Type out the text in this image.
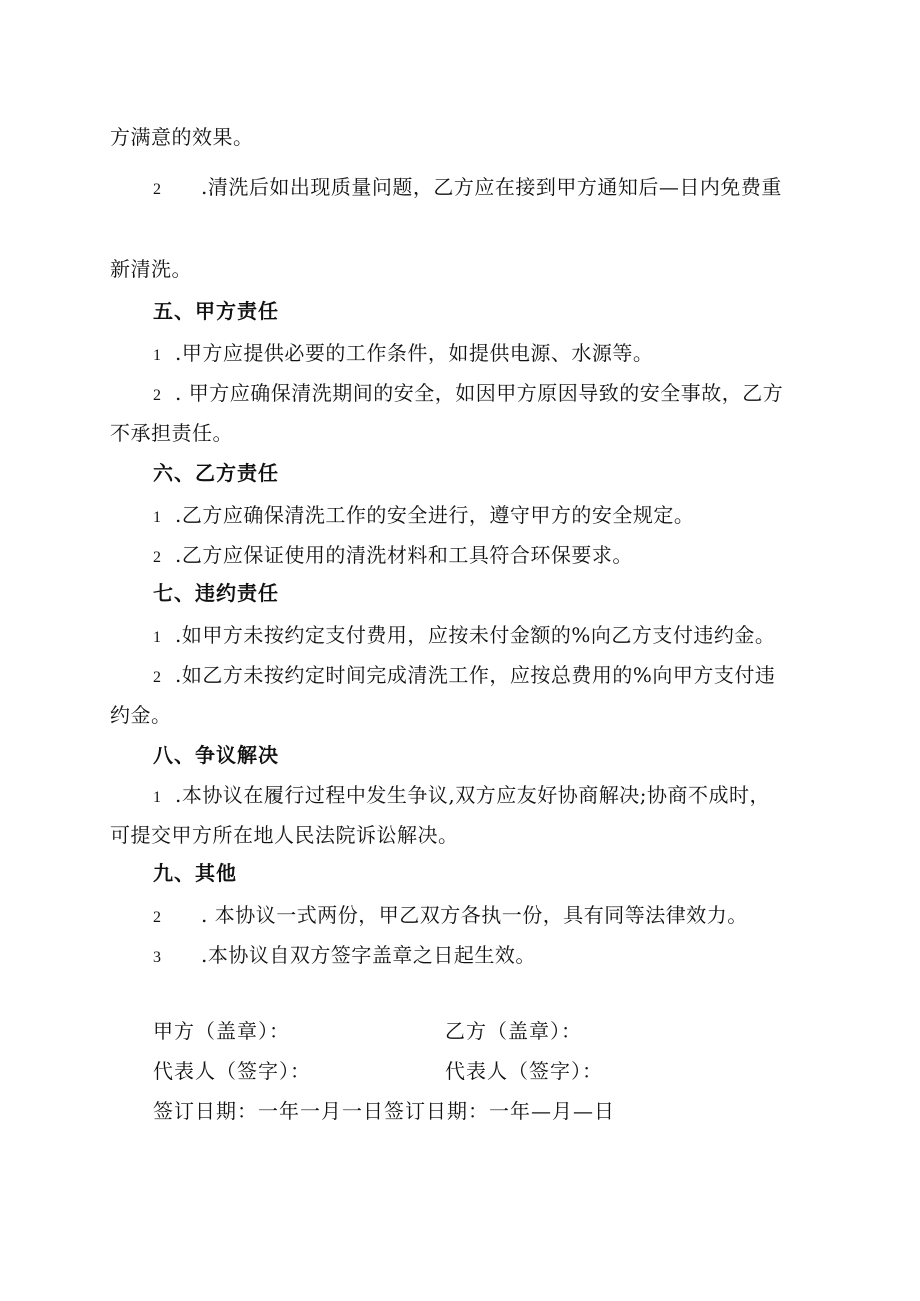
方满意的效果。
2 .清洗后如出现质量问题，乙方应在接到甲方通知后—日内免费重
新清洗。
五、甲方责任
1 .甲方应提供必要的工作条件，如提供电源、水源等。
2 . 甲方应确保清洗期间的安全，如因甲方原因导致的安全事故，乙方
不承担责任。
六、乙方责任
1 .乙方应确保清洗工作的安全进行，遵守甲方的安全规定。
2 .乙方应保证使用的清洗材料和工具符合环保要求。
七、违约责任
1 .如甲方未按约定支付费用，应按未付金额的%向乙方支付违约金。
2 .如乙方未按约定时间完成清洗工作，应按总费用的%向甲方支付违
约金。
八、争议解决
1 .本协议在履行过程中发生争议,双方应友好协商解决;协商不成时，
可提交甲方所在地人民法院诉讼解决。
九、其他
2 . 本协议一式两份，甲乙双方各执一份，具有同等法律效力。
3 .本协议自双方签字盖章之日起生效。
甲方（盖章）：	乙方（盖章）：
代表人（签字）：	代表人（签字）：
签订日期：一年一月一日签订日期：一年—月—日
